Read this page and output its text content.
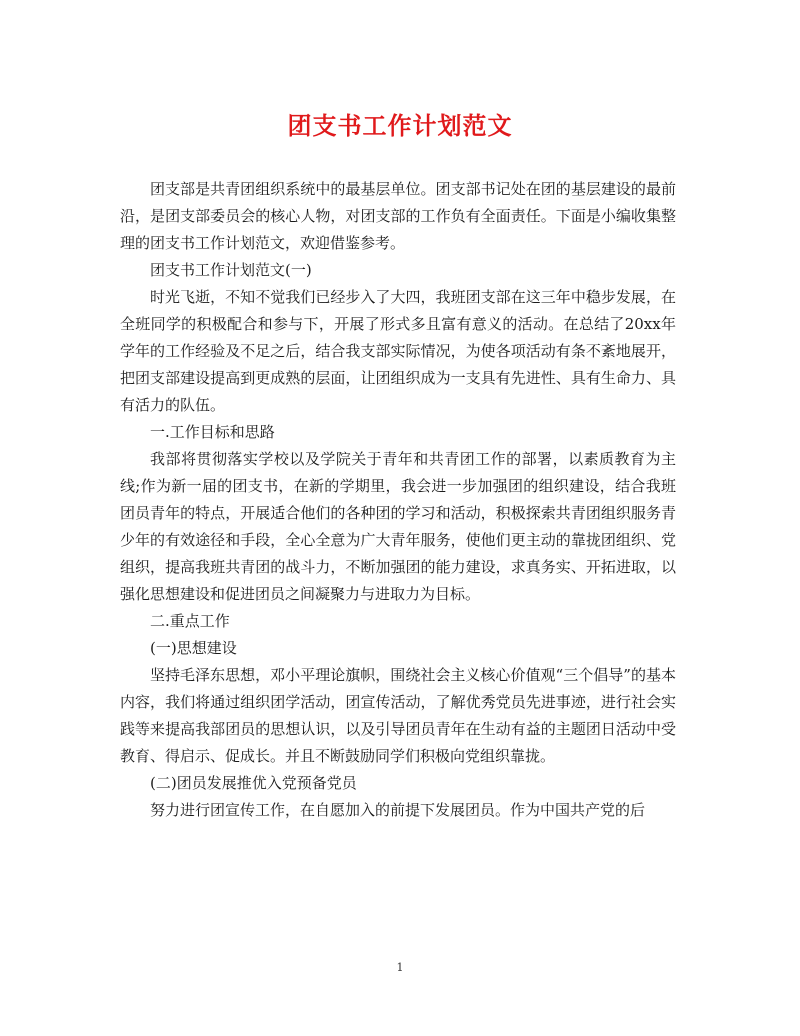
团支书工作计划范文

团支部是共青团组织系统中的最基层单位。团支部书记处在团的基层建设的最前沿，是团支部委员会的核心人物，对团支部的工作负有全面责任。下面是小编收集整理的团支书工作计划范文，欢迎借鉴参考。

团支书工作计划范文(一)

时光飞逝，不知不觉我们已经步入了大四，我班团支部在这三年中稳步发展，在全班同学的积极配合和参与下，开展了形式多且富有意义的活动。在总结了20xx年学年的工作经验及不足之后，结合我支部实际情况，为使各项活动有条不紊地展开，把团支部建设提高到更成熟的层面，让团组织成为一支具有先进性、具有生命力、具有活力的队伍。

一.工作目标和思路

我部将贯彻落实学校以及学院关于青年和共青团工作的部署，以素质教育为主线;作为新一届的团支书，在新的学期里，我会进一步加强团的组织建设，结合我班团员青年的特点，开展适合他们的各种团的学习和活动，积极探索共青团组织服务青少年的有效途径和手段，全心全意为广大青年服务，使他们更主动的靠拢团组织、党组织，提高我班共青团的战斗力，不断加强团的能力建设，求真务实、开拓进取，以强化思想建设和促进团员之间凝聚力与进取力为目标。

二.重点工作

(一)思想建设

坚持毛泽东思想，邓小平理论旗帜，围绕社会主义核心价值观“三个倡导”的基本内容，我们将通过组织团学活动，团宣传活动，了解优秀党员先进事迹，进行社会实践等来提高我部团员的思想认识，以及引导团员青年在生动有益的主题团日活动中受教育、得启示、促成长。并且不断鼓励同学们积极向党组织靠拢。

(二)团员发展推优入党预备党员

努力进行团宣传工作，在自愿加入的前提下发展团员。作为中国共产党的后

1
